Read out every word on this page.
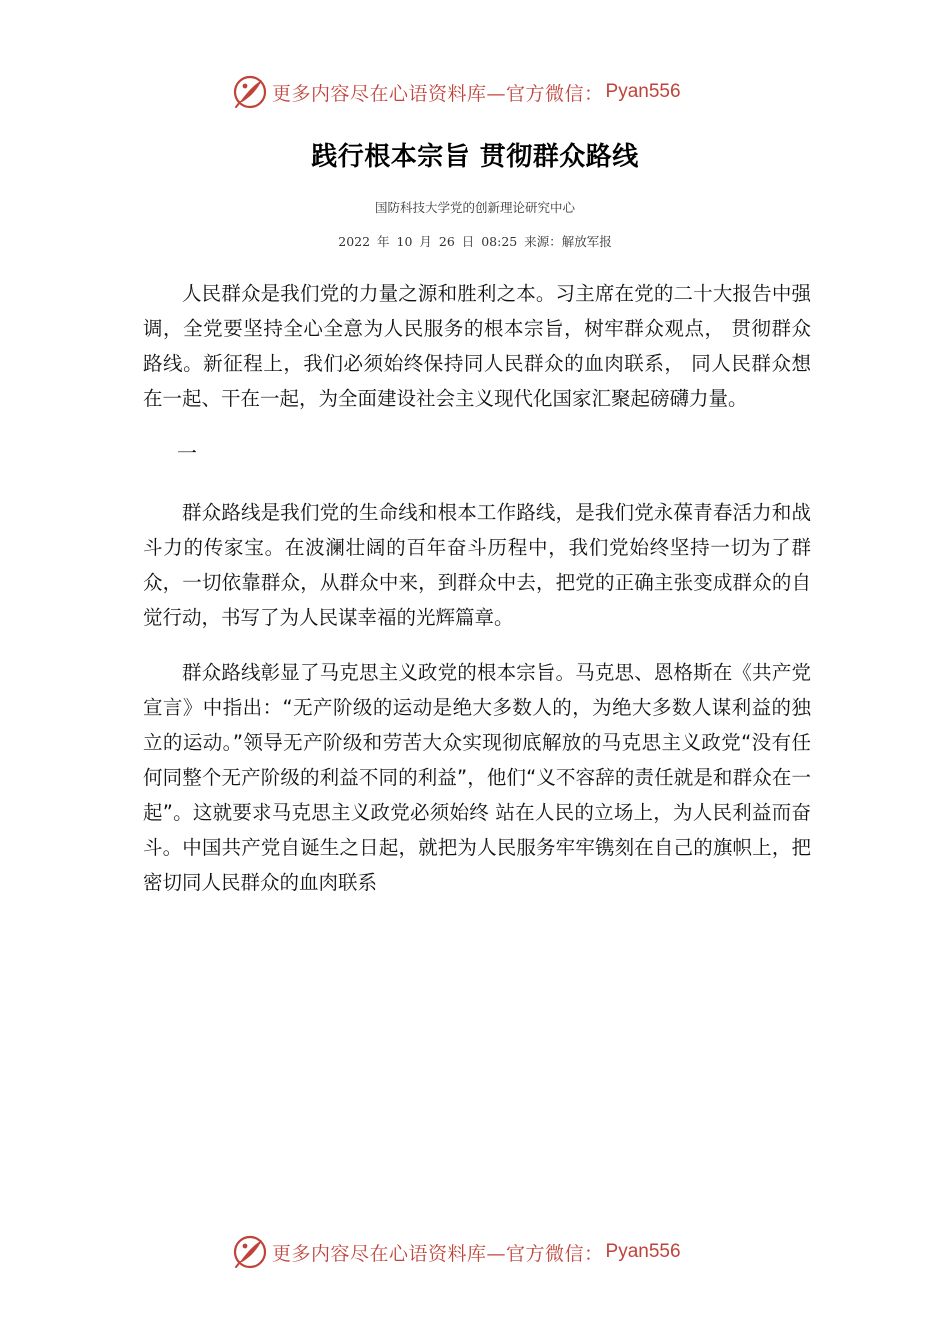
更多内容尽在心语资料库—官方微信： Pyan556
践行根本宗旨 贯彻群众路线
国防科技大学党的创新理论研究中心
2022 年 10 月 26 日 08:25 来源：解放军报

人民群众是我们党的力量之源和胜利之本。习主席在党的二十大报告中强调，全党要坚持全心全意为人民服务的根本宗旨，树牢群众观点， 贯彻群众路线。新征程上，我们必须始终保持同人民群众的血肉联系， 同人民群众想在一起、干在一起，为全面建设社会主义现代化国家汇聚起磅礴力量。

一

群众路线是我们党的生命线和根本工作路线，是我们党永葆青春活力和战斗力的传家宝。在波澜壮阔的百年奋斗历程中，我们党始终坚持一切为了群众，一切依靠群众，从群众中来，到群众中去，把党的正确主张变成群众的自觉行动，书写了为人民谋幸福的光辉篇章。

群众路线彰显了马克思主义政党的根本宗旨。马克思、恩格斯在《共产党宣言》中指出：“无产阶级的运动是绝大多数人的，为绝大多数人谋利益的独立的运动。”领导无产阶级和劳苦大众实现彻底解放的马克思主义政党“没有任何同整个无产阶级的利益不同的利益”，他们“义不容辞的责任就是和群众在一起”。这就要求马克思主义政党必须始终 站在人民的立场上，为人民利益而奋斗。中国共产党自诞生之日起，就把为人民服务牢牢镌刻在自己的旗帜上，把密切同人民群众的血肉联系

更多内容尽在心语资料库—官方微信： Pyan556
